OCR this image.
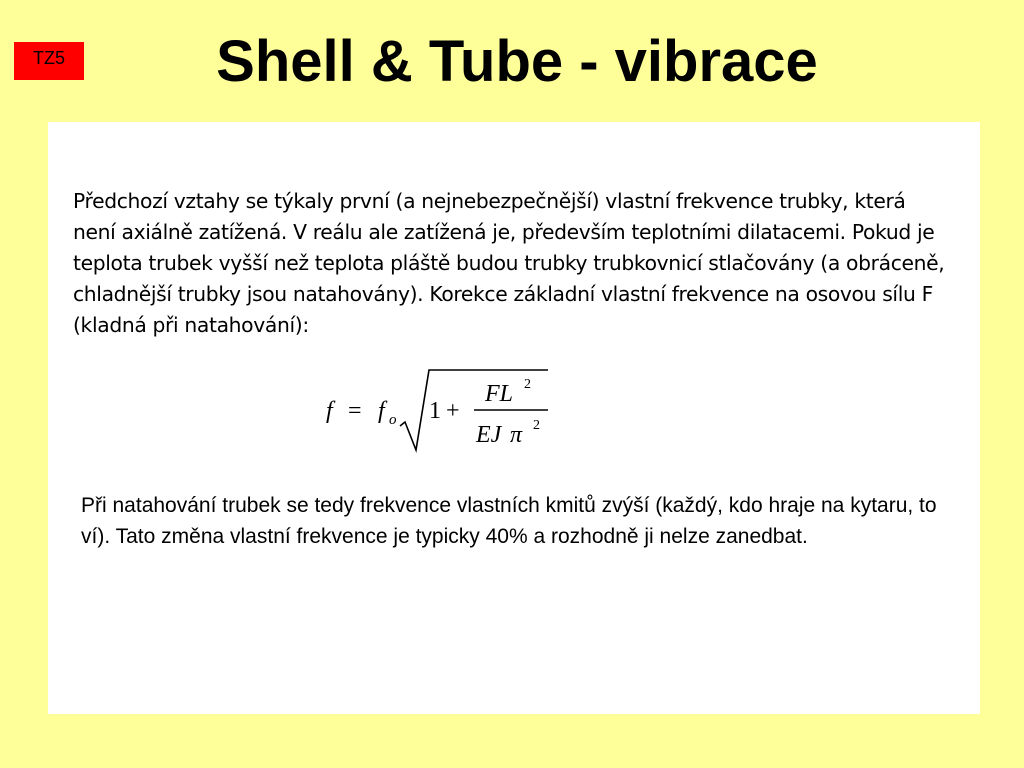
TZ5	Shell & Tube - vibrace
Předchozí vztahy se týkaly první (a nejnebezpečnější) vlastní frekvence trubky, která není axiálně zatížená. V reálu ale zatížená je, především teplotními dilatacemi. Pokud je teplota trubek vyšší než teplota pláště budou trubky trubkovnicí stlačovány (a obráceně, chladnější trubky jsou natahovány). Korekce základní vlastní frekvence na osovou sílu F (kladná při natahování):
f = f o 1 +
FL 2
EJ π 2
Při natahování trubek se tedy frekvence vlastních kmitů zvýší (každý, kdo hraje na kytaru, to ví). Tato změna vlastní frekvence je typicky 40% a rozhodně ji nelze zanedbat.
